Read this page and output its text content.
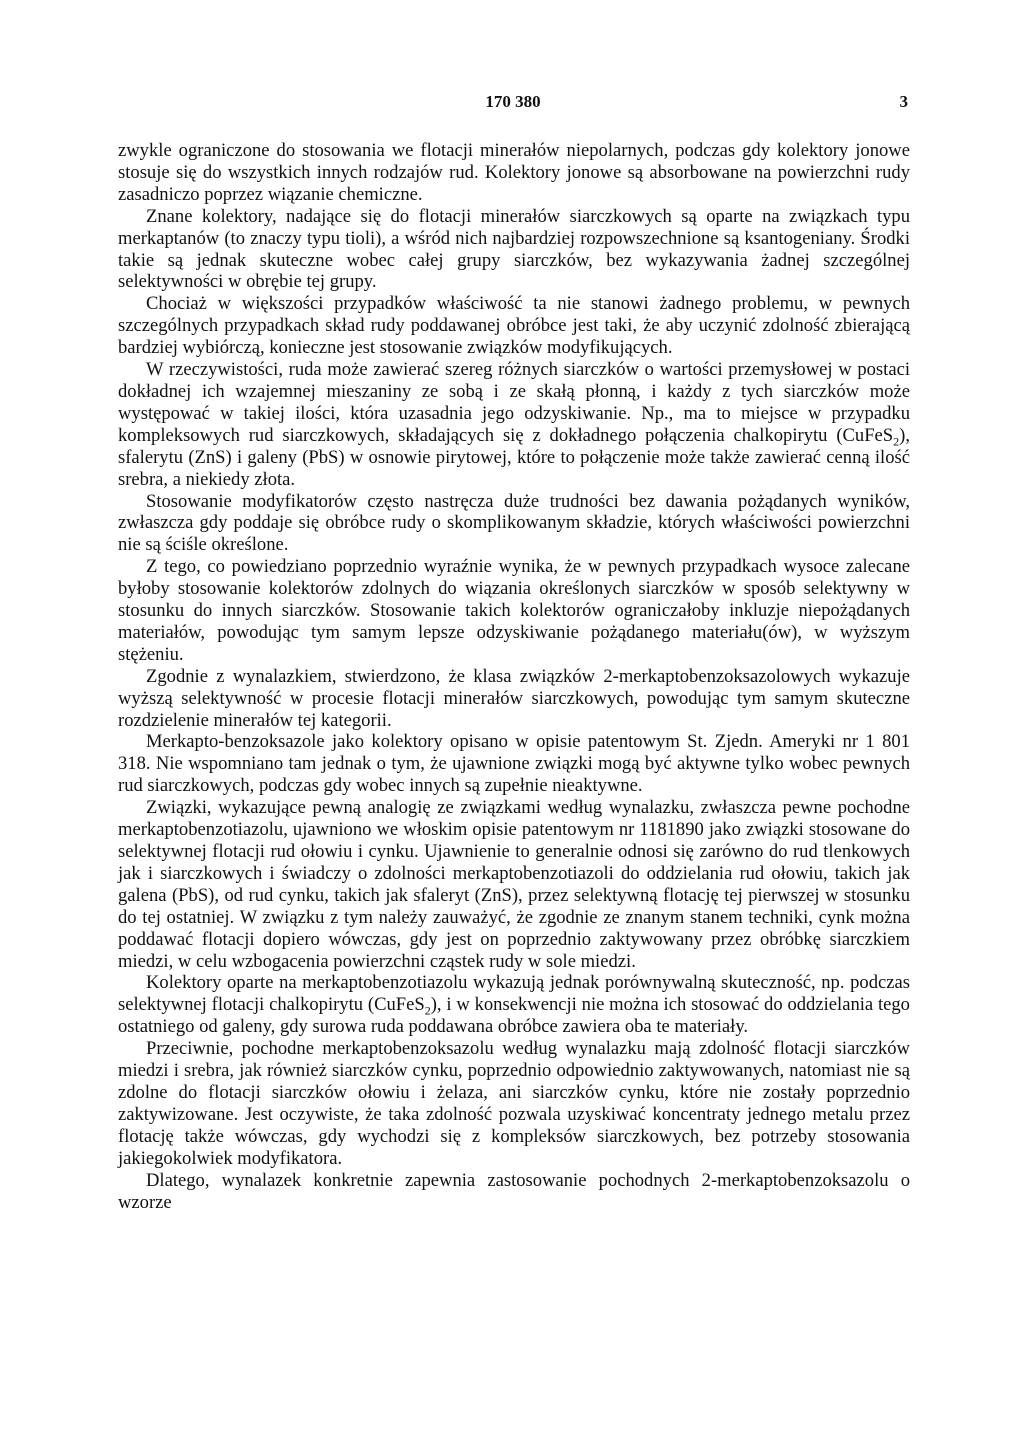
170 380	3

zwykle ograniczone do stosowania we flotacji minerałów niepolarnych, podczas gdy kolektory jonowe stosuje się do wszystkich innych rodzajów rud. Kolektory jonowe są absorbowane na powierzchni rudy zasadniczo poprzez wiązanie chemiczne.

Znane kolektory, nadające się do flotacji minerałów siarczkowych są oparte na związkach typu merkaptanów (to znaczy typu tioli), a wśród nich najbardziej rozpowszechnione są ksantogeniany. Środki takie są jednak skuteczne wobec całej grupy siarczków, bez wykazywania żadnej szczególnej selektywności w obrębie tej grupy.

Chociaż w większości przypadków właściwość ta nie stanowi żadnego problemu, w pewnych szczególnych przypadkach skład rudy poddawanej obróbce jest taki, że aby uczynić zdolność zbierającą bardziej wybiórczą, konieczne jest stosowanie związków modyfikujących.

W rzeczywistości, ruda może zawierać szereg różnych siarczków o wartości przemysłowej w postaci dokładnej ich wzajemnej mieszaniny ze sobą i ze skałą płonną, i każdy z tych siarczków może występować w takiej ilości, która uzasadnia jego odzyskiwanie. Np., ma to miejsce w przypadku kompleksowych rud siarczkowych, składających się z dokładnego połączenia chalkopirytu (CuFeS$_2$), sfalerytu (ZnS) i galeny (PbS) w osnowie pirytowej, które to połączenie może także zawierać cenną ilość srebra, a niekiedy złota.

Stosowanie modyfikatorów często nastręcza duże trudności bez dawania pożądanych wyników, zwłaszcza gdy poddaje się obróbce rudy o skomplikowanym składzie, których właściwości powierzchni nie są ściśle określone.

Z tego, co powiedziano poprzednio wyraźnie wynika, że w pewnych przypadkach wysoce zalecane byłoby stosowanie kolektorów zdolnych do wiązania określonych siarczków w sposób selektywny w stosunku do innych siarczków. Stosowanie takich kolektorów ograniczałoby inkluzje niepożądanych materiałów, powodując tym samym lepsze odzyskiwanie pożądanego materiału(ów), w wyższym stężeniu.

Zgodnie z wynalazkiem, stwierdzono, że klasa związków 2-merkaptobenzoksazolowych wykazuje wyższą selektywność w procesie flotacji minerałów siarczkowych, powodując tym samym skuteczne rozdzielenie minerałów tej kategorii.

Merkapto-benzoksazole jako kolektory opisano w opisie patentowym St. Zjedn. Ameryki nr 1 801 318. Nie wspomniano tam jednak o tym, że ujawnione związki mogą być aktywne tylko wobec pewnych rud siarczkowych, podczas gdy wobec innych są zupełnie nieaktywne.

Związki, wykazujące pewną analogię ze związkami według wynalazku, zwłaszcza pewne pochodne merkaptobenzotiazolu, ujawniono we włoskim opisie patentowym nr 1181890 jako związki stosowane do selektywnej flotacji rud ołowiu i cynku. Ujawnienie to generalnie odnosi się zarówno do rud tlenkowych jak i siarczkowych i świadczy o zdolności merkaptobenzotiazoli do oddzielania rud ołowiu, takich jak galena (PbS), od rud cynku, takich jak sfaleryt (ZnS), przez selektywną flotację tej pierwszej w stosunku do tej ostatniej. W związku z tym należy zauważyć, że zgodnie ze znanym stanem techniki, cynk można poddawać flotacji dopiero wówczas, gdy jest on poprzednio zaktywowany przez obróbkę siarczkiem miedzi, w celu wzbogacenia powierzchni cząstek rudy w sole miedzi.

Kolektory oparte na merkaptobenzotiazolu wykazują jednak porównywalną skuteczność, np. podczas selektywnej flotacji chalkopirytu (CuFeS$_2$), i w konsekwencji nie można ich stosować do oddzielania tego ostatniego od galeny, gdy surowa ruda poddawana obróbce zawiera oba te materiały.

Przeciwnie, pochodne merkaptobenzoksazolu według wynalazku mają zdolność flotacji siarczków miedzi i srebra, jak również siarczków cynku, poprzednio odpowiednio zaktywowanych, natomiast nie są zdolne do flotacji siarczków ołowiu i żelaza, ani siarczków cynku, które nie zostały poprzednio zaktywizowane. Jest oczywiste, że taka zdolność pozwala uzyskiwać koncentraty jednego metalu przez flotację także wówczas, gdy wychodzi się z kompleksów siarczkowych, bez potrzeby stosowania jakiegokolwiek modyfikatora.

Dlatego, wynalazek konkretnie zapewnia zastosowanie pochodnych 2-merkaptobenzoksazolu o wzorze
